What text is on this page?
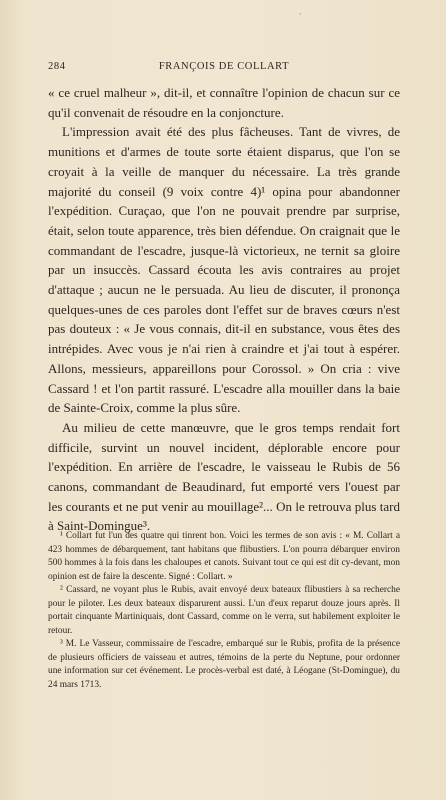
`
284	FRANÇOIS DE COLLART

« ce cruel malheur », dit-il, et connaître l'opinion de chacun sur ce qu'il convenait de résoudre en la conjoncture.

L'impression avait été des plus fâcheuses. Tant de vivres, de munitions et d'armes de toute sorte étaient disparus, que l'on se croyait à la veille de manquer du nécessaire. La très grande majorité du conseil (9 voix contre 4)¹ opina pour abandonner l'expédition. Curaçao, que l'on ne pouvait prendre par surprise, était, selon toute apparence, très bien défendue. On craignait que le commandant de l'escadre, jusque-là victorieux, ne ternit sa gloire par un insuccès. Cassard écouta les avis contraires au projet d'attaque ; aucun ne le persuada. Au lieu de discuter, il prononça quelques-unes de ces paroles dont l'effet sur de braves cœurs n'est pas douteux : « Je vous connais, dit-il en substance, vous êtes des intrépides. Avec vous je n'ai rien à craindre et j'ai tout à espérer. Allons, messieurs, appareillons pour Corossol. » On cria : vive Cassard ! et l'on partit rassuré. L'escadre alla mouiller dans la baie de Sainte-Croix, comme la plus sûre.

Au milieu de cette manœuvre, que le gros temps rendait fort difficile, survint un nouvel incident, déplorable encore pour l'expédition. En arrière de l'escadre, le vaisseau le Rubis de 56 canons, commandant de Beaudinard, fut emporté vers l'ouest par les courants et ne put venir au mouillage²... On le retrouva plus tard à Saint-Domingue³.

¹ Collart fut l'un des quatre qui tinrent bon. Voici les termes de son avis : « M. Collart a 423 hommes de débarquement, tant habitans que flibustiers. L'on pourra débarquer environ 500 hommes à la fois dans les chaloupes et canots. Suivant tout ce qui est dit cy-devant, mon opinion est de faire la descente. Signé : Collart. »

² Cassard, ne voyant plus le Rubis, avait envoyé deux bateaux flibustiers à sa recherche pour le piloter. Les deux bateaux disparurent aussi. L'un d'eux reparut douze jours après. Il portait cinquante Martiniquais, dont Cassard, comme on le verra, sut habilement exploiter le retour.

³ M. Le Vasseur, commissaire de l'escadre, embarqué sur le Rubis, profita de la présence de plusieurs officiers de vaisseau et autres, témoins de la perte du Neptune, pour ordonner une information sur cet événement. Le procès-verbal est daté, à Léogane (St-Domingue), du 24 mars 1713.
